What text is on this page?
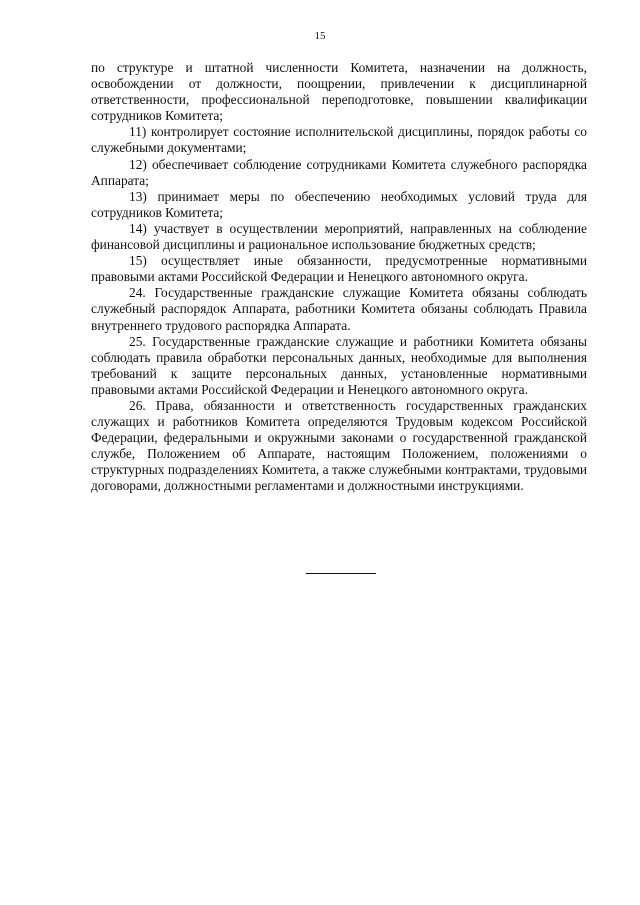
15

по структуре и штатной численности Комитета, назначении на должность, освобождении от должности, поощрении, привлечении к дисциплинарной ответственности, профессиональной переподготовке, повышении квалификации сотрудников Комитета;

11) контролирует состояние исполнительской дисциплины, порядок работы со служебными документами;

12) обеспечивает соблюдение сотрудниками Комитета служебного распорядка Аппарата;

13) принимает меры по обеспечению необходимых условий труда для сотрудников Комитета;

14) участвует в осуществлении мероприятий, направленных на соблюдение финансовой дисциплины и рациональное использование бюджетных средств;

15) осуществляет иные обязанности, предусмотренные нормативными правовыми актами Российской Федерации и Ненецкого автономного округа.

24. Государственные гражданские служащие Комитета обязаны соблюдать служебный распорядок Аппарата, работники Комитета обязаны соблюдать Правила внутреннего трудового распорядка Аппарата.

25. Государственные гражданские служащие и работники Комитета обязаны соблюдать правила обработки персональных данных, необходимые для выполнения требований к защите персональных данных, установленные нормативными правовыми актами Российской Федерации и Ненецкого автономного округа.

26. Права, обязанности и ответственность государственных гражданских служащих и работников Комитета определяются Трудовым кодексом Российской Федерации, федеральными и окружными законами о государственной гражданской службе, Положением об Аппарате, настоящим Положением, положениями о структурных подразделениях Комитета, а также служебными контрактами, трудовыми договорами, должностными регламентами и должностными инструкциями.
